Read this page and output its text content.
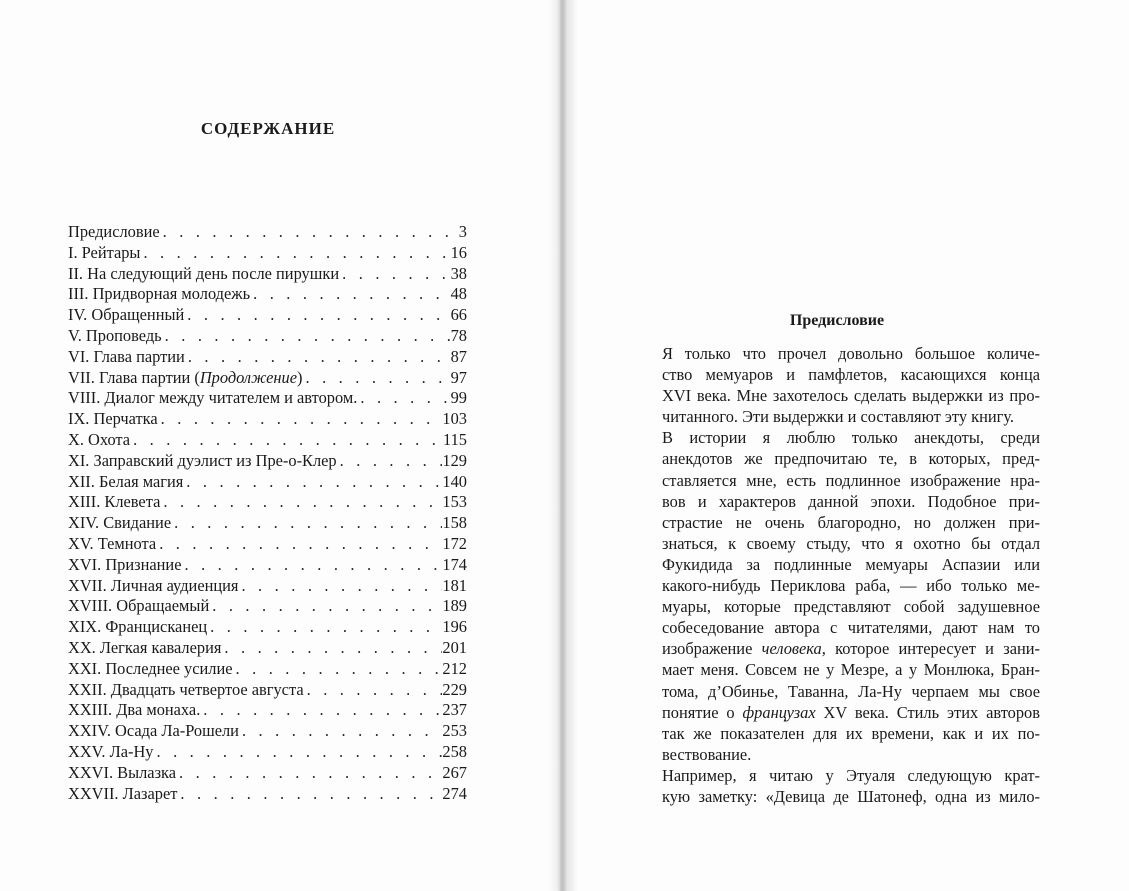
СОДЕРЖАНИЕ
Предисловие . . .	3
I. Рейтары . . .	16
II. На следующий день после пирушки . . .	38
III. Придворная молодежь . . .	48
IV. Обращенный . . .	66
V. Проповедь . . .	78
VI. Глава партии . . .	87
VII. Глава партии (Продолжение) . . .	97
VIII. Диалог между читателем и автором. . . .	99
IX. Перчатка . . .	103
X. Охота . . .	115
XI. Заправский дуэлист из Пре-о-Клер . . .	129
XII. Белая магия . . .	140
XIII. Клевета . . .	153
XIV. Свидание . . .	158
XV. Темнота . . .	172
XVI. Признание . . .	174
XVII. Личная аудиенция . . .	181
XVIII. Обращаемый . . .	189
XIX. Францисканец . . .	196
XX. Легкая кавалерия . . .	201
XXI. Последнее усилие . . .	212
XXII. Двадцать четвертое августа . . .	229
XXIII. Два монаха. . . .	237
XXIV. Осада Ла-Рошели . . .	253
XXV. Ла-Ну . . .	258
XXVI. Вылазка . . .	267
XXVII. Лазарет . . .	274
Предисловие

Я только что прочел довольно большое количе-
ство мемуаров и памфлетов, касающихся конца
XVI века. Мне захотелось сделать выдержки из про-
читанного. Эти выдержки и составляют эту книгу.

В истории я люблю только анекдоты, среди
анекдотов же предпочитаю те, в которых, пред-
ставляется мне, есть подлинное изображение нра-
вов и характеров данной эпохи. Подобное при-
страстие не очень благородно, но должен при-
знаться, к своему стыду, что я охотно бы отдал
Фукидида за подлинные мемуары Аспазии или
какого-нибудь Периклова раба, — ибо только ме-
муары, которые представляют собой задушевное
собеседование автора с читателями, дают нам то
изображение человека, которое интересует и зани-
мает меня. Совсем не у Мезре, а у Монлюка, Бран-
тома, д’Обинье, Таванна, Ла-Ну черпаем мы свое
понятие о французах XV века. Стиль этих авторов
так же показателен для их времени, как и их по-
вествование.

Например, я читаю у Этуаля следующую крат-
кую заметку: «Девица де Шатонеф, одна из мило-
